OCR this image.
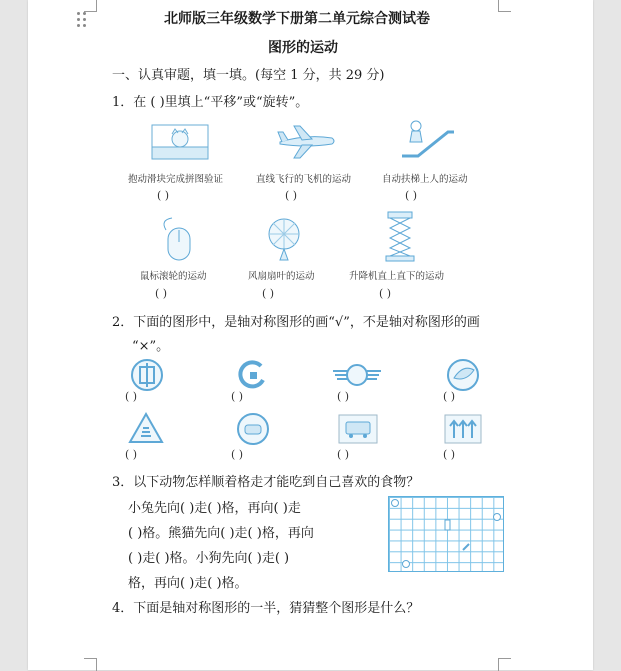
北师版三年级数学下册第二单元综合测试卷
图形的运动
一、认真审题，填一填。(每空 1 分，共 29 分)
1．在 ( )里填上“平移”或“旋转”。
抱动滑块完成拼图验证	直线飞行的飞机的运动	自动扶梯上人的运动
( )	( )	( )
鼠标滚轮的运动	风扇扇叶的运动	升降机直上直下的运动
( )	( )	( )
2．下面的图形中，是轴对称图形的画“√”，不是轴对称图形的画
“×”。
( )	( )	( )	( )
( )	( )	( )	( )
3．以下动物怎样顺着格走才能吃到自己喜欢的食物？
小兔先向( )走( )格，再向( )走
( )格。熊猫先向( )走( )格，再向
( )走( )格。小狗先向( )走( )
格，再向( )走( )格。
4．下面是轴对称图形的一半，猜猜整个图形是什么？
